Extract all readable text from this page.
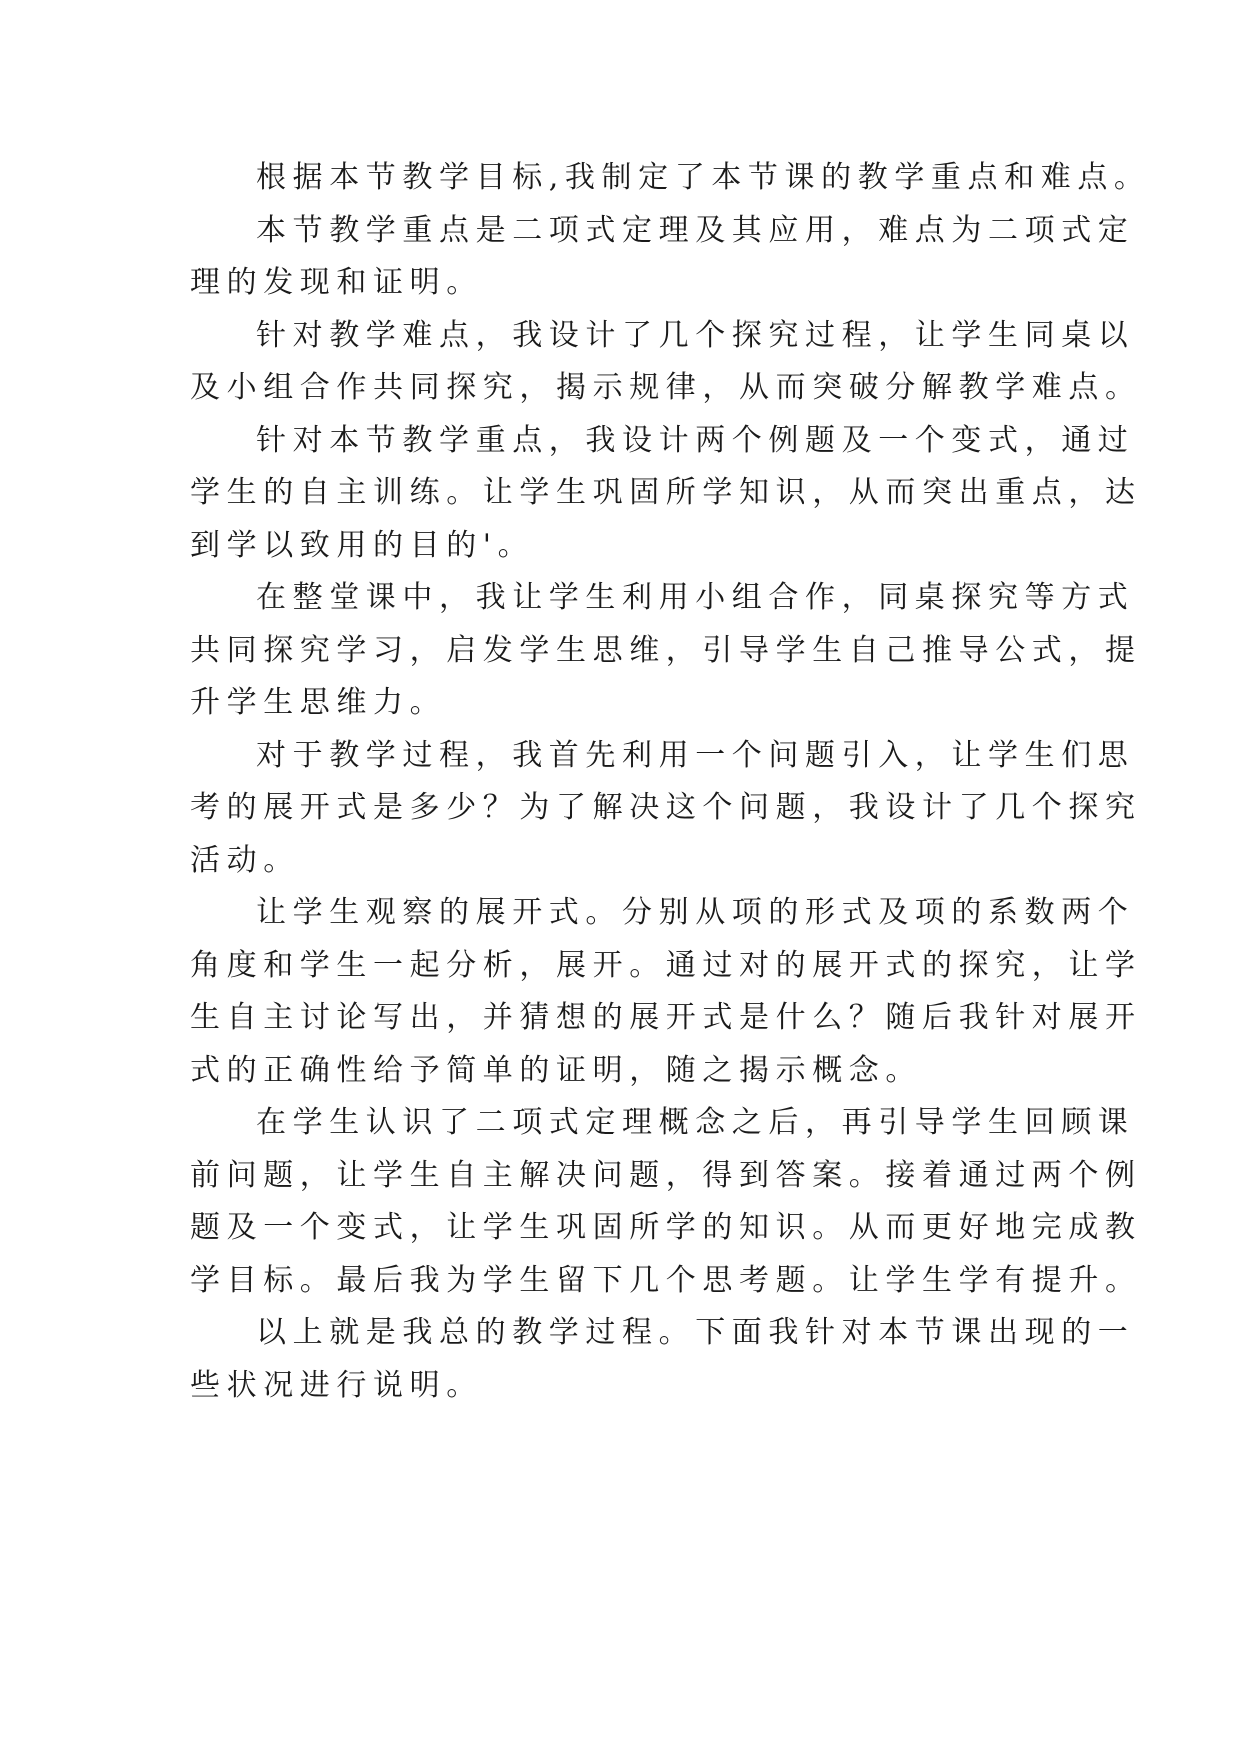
根据本节教学目标,我制定了本节课的教学重点和难点。

本节教学重点是二项式定理及其应用，难点为二项式定
理的发现和证明。

针对教学难点，我设计了几个探究过程，让学生同桌以
及小组合作共同探究，揭示规律，从而突破分解教学难点。

针对本节教学重点，我设计两个例题及一个变式，通过
学生的自主训练。让学生巩固所学知识，从而突出重点，达
到学以致用的目的'。

在整堂课中，我让学生利用小组合作，同桌探究等方式
共同探究学习，启发学生思维，引导学生自己推导公式，提
升学生思维力。

对于教学过程，我首先利用一个问题引入，让学生们思
考的展开式是多少？为了解决这个问题，我设计了几个探究
活动。

让学生观察的展开式。分别从项的形式及项的系数两个
角度和学生一起分析，展开。通过对的展开式的探究，让学
生自主讨论写出，并猜想的展开式是什么？随后我针对展开
式的正确性给予简单的证明，随之揭示概念。

在学生认识了二项式定理概念之后，再引导学生回顾课
前问题，让学生自主解决问题，得到答案。接着通过两个例
题及一个变式，让学生巩固所学的知识。从而更好地完成教
学目标。最后我为学生留下几个思考题。让学生学有提升。

以上就是我总的教学过程。下面我针对本节课出现的一
些状况进行说明。
